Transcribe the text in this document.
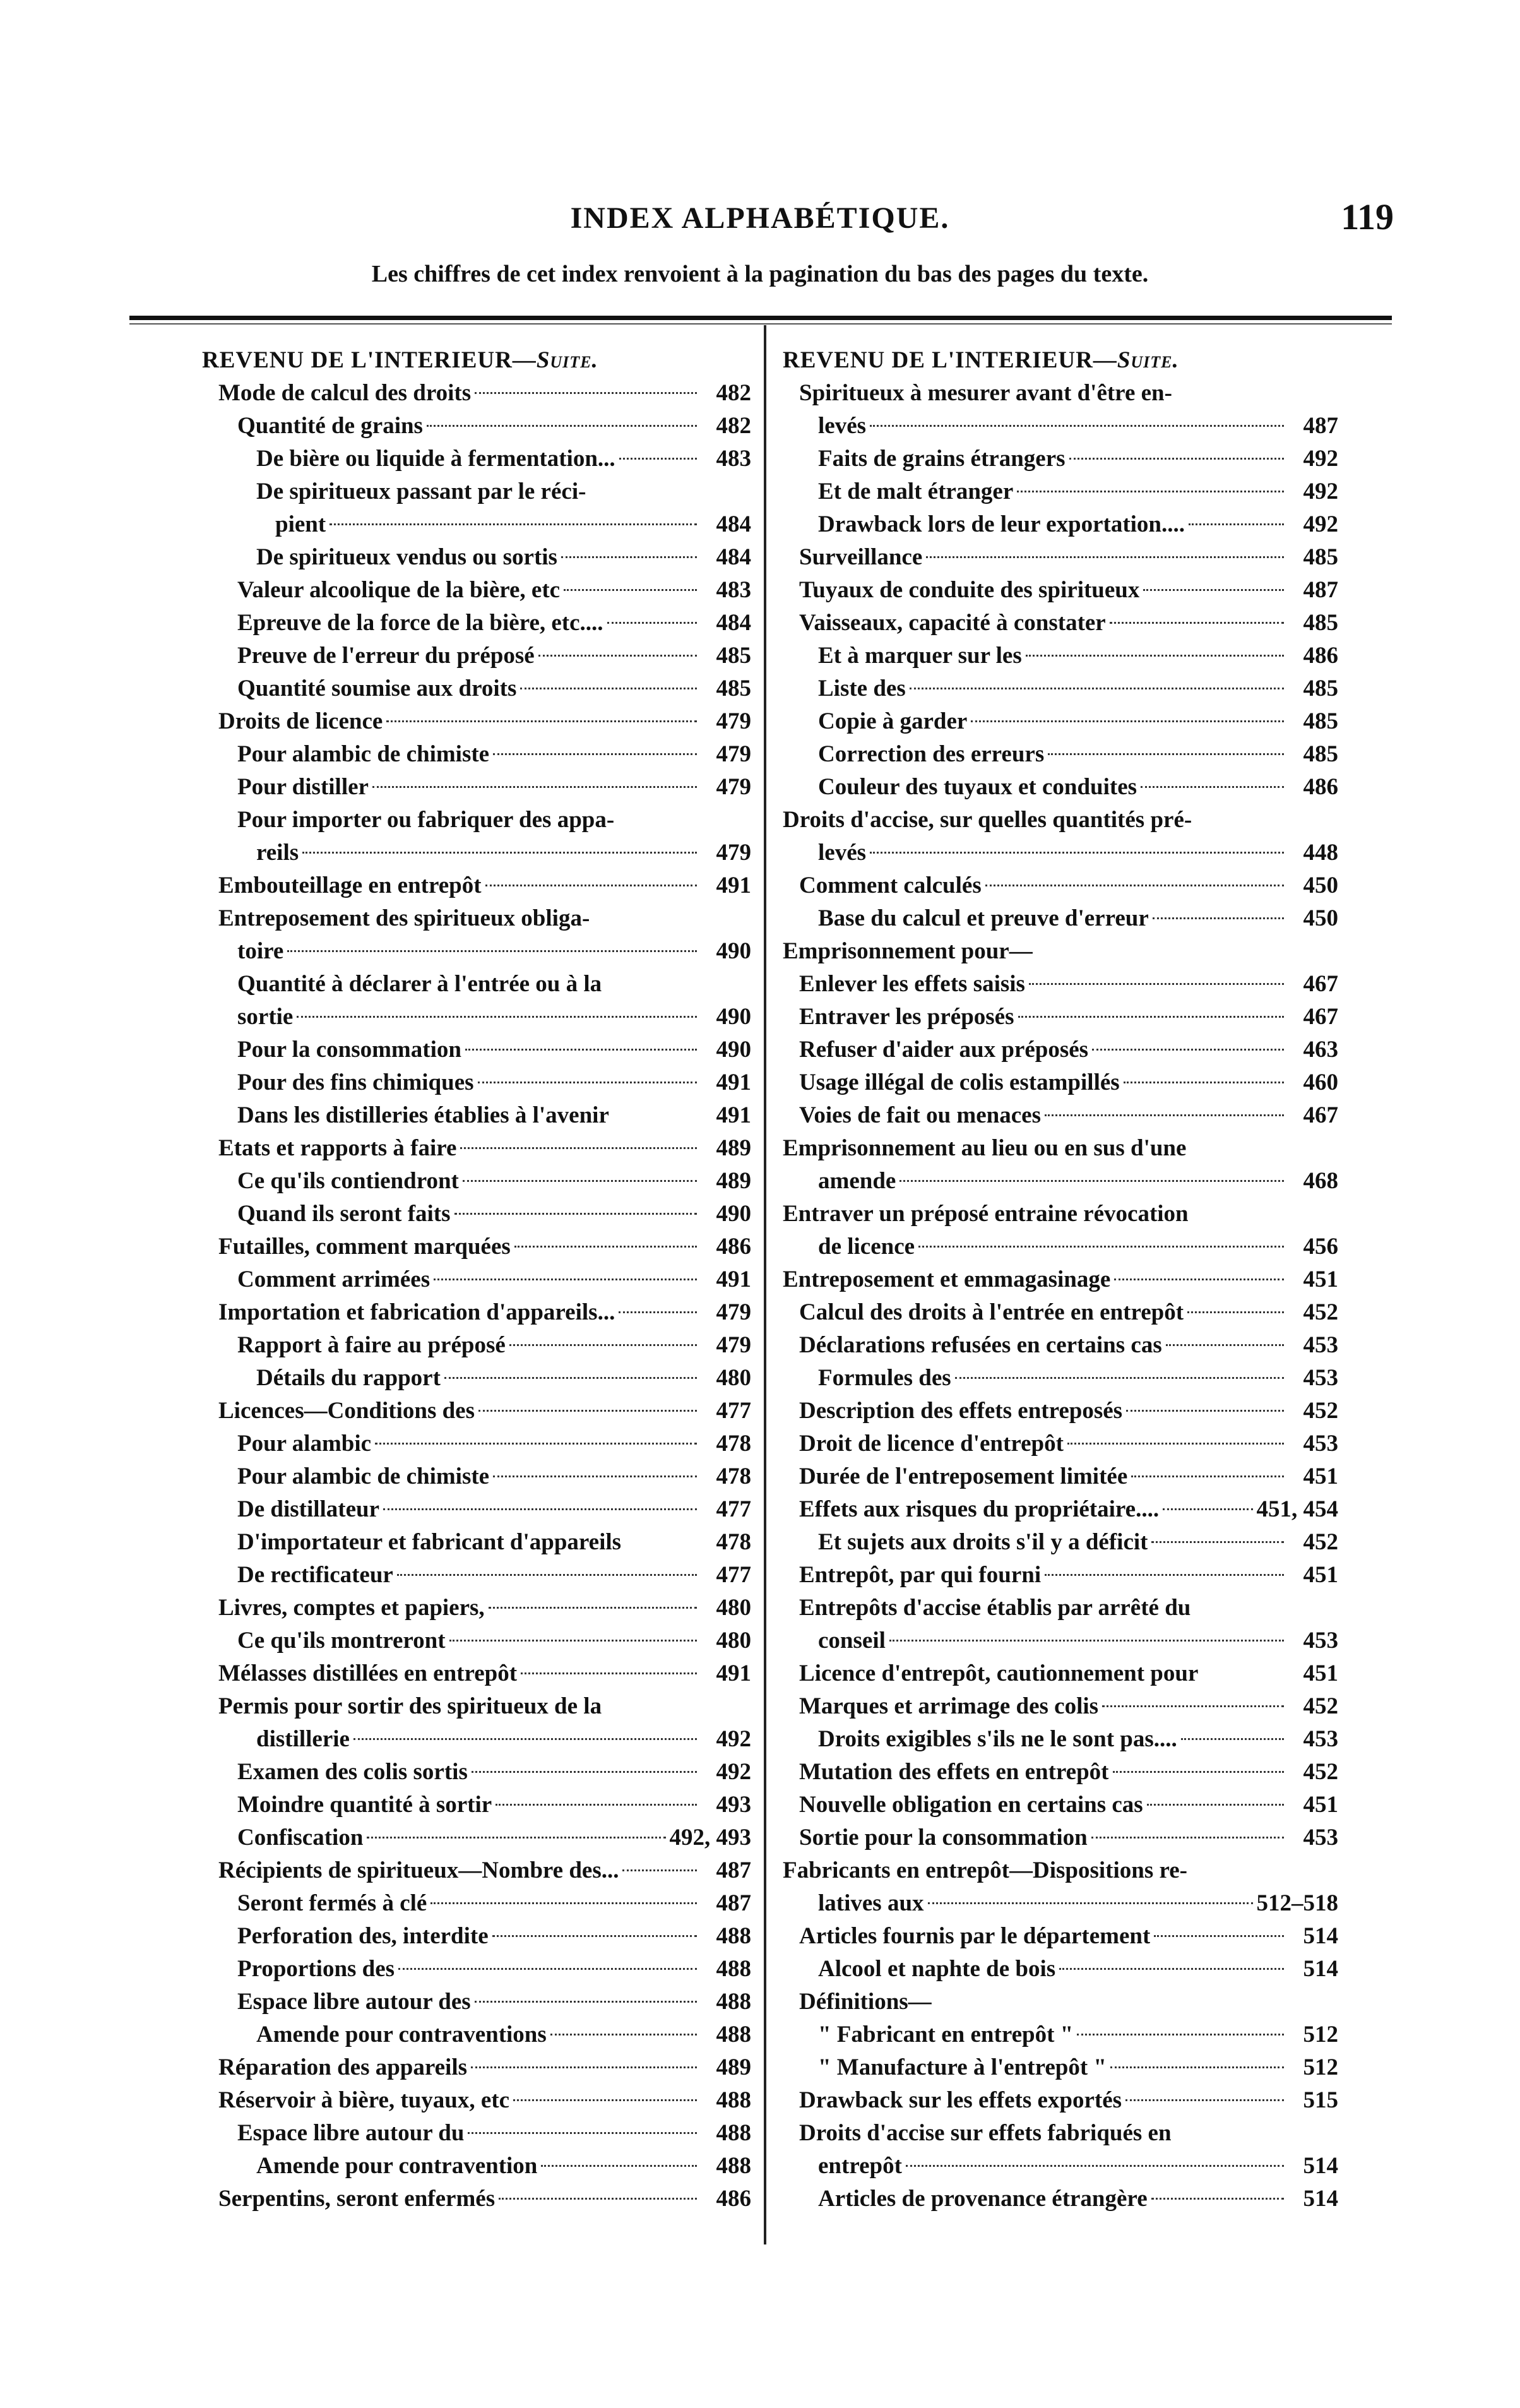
INDEX ALPHABÉTIQUE.	119
Les chiffres de cet index renvoient à la pagination du bas des pages du texte.
REVENU DE L'INTERIEUR—Suite.
Mode de calcul des droits	482
Quantité de grains	482
De bière ou liquide à fermentation...	483
De spiritueux passant par le réci-
pient	484
De spiritueux vendus ou sortis	484
Valeur alcoolique de la bière, etc	483
Epreuve de la force de la bière, etc....	484
Preuve de l'erreur du préposé	485
Quantité soumise aux droits	485
Droits de licence	479
Pour alambic de chimiste	479
Pour distiller	479
Pour importer ou fabriquer des appa-
reils	479
Embouteillage en entrepôt	491
Entreposement des spiritueux obliga-
toire	490
Quantité à déclarer à l'entrée ou à la
sortie	490
Pour la consommation	490
Pour des fins chimiques	491
Dans les distilleries établies à l'avenir	491
Etats et rapports à faire	489
Ce qu'ils contiendront	489
Quand ils seront faits	490
Futailles, comment marquées	486
Comment arrimées	491
Importation et fabrication d'appareils...	479
Rapport à faire au préposé	479
Détails du rapport	480
Licences—Conditions des	477
Pour alambic	478
Pour alambic de chimiste	478
De distillateur	477
D'importateur et fabricant d'appareils	478
De rectificateur	477
Livres, comptes et papiers,	480
Ce qu'ils montreront	480
Mélasses distillées en entrepôt	491
Permis pour sortir des spiritueux de la
distillerie	492
Examen des colis sortis	492
Moindre quantité à sortir	493
Confiscation	492, 493
Récipients de spiritueux—Nombre des...	487
Seront fermés à clé	487
Perforation des, interdite	488
Proportions des	488
Espace libre autour des	488
Amende pour contraventions	488
Réparation des appareils	489
Réservoir à bière, tuyaux, etc	488
Espace libre autour du	488
Amende pour contravention	488
Serpentins, seront enfermés	486
REVENU DE L'INTERIEUR—Suite.
Spiritueux à mesurer avant d'être en-
levés	487
Faits de grains étrangers	492
Et de malt étranger	492
Drawback lors de leur exportation....	492
Surveillance	485
Tuyaux de conduite des spiritueux	487
Vaisseaux, capacité à constater	485
Et à marquer sur les	486
Liste des	485
Copie à garder	485
Correction des erreurs	485
Couleur des tuyaux et conduites	486
Droits d'accise, sur quelles quantités pré-
levés	448
Comment calculés	450
Base du calcul et preuve d'erreur	450
Emprisonnement pour—
Enlever les effets saisis	467
Entraver les préposés	467
Refuser d'aider aux préposés	463
Usage illégal de colis estampillés	460
Voies de fait ou menaces	467
Emprisonnement au lieu ou en sus d'une
amende	468
Entraver un préposé entraine révocation
de licence	456
Entreposement et emmagasinage	451
Calcul des droits à l'entrée en entrepôt	452
Déclarations refusées en certains cas	453
Formules des	453
Description des effets entreposés	452
Droit de licence d'entrepôt	453
Durée de l'entreposement limitée	451
Effets aux risques du propriétaire....	451, 454
Et sujets aux droits s'il y a déficit	452
Entrepôt, par qui fourni	451
Entrepôts d'accise établis par arrêté du
conseil	453
Licence d'entrepôt, cautionnement pour	451
Marques et arrimage des colis	452
Droits exigibles s'ils ne le sont pas....	453
Mutation des effets en entrepôt	452
Nouvelle obligation en certains cas	451
Sortie pour la consommation	453
Fabricants en entrepôt—Dispositions re-
latives aux	512–518
Articles fournis par le département	514
Alcool et naphte de bois	514
Définitions—
" Fabricant en entrepôt "	512
" Manufacture à l'entrepôt "	512
Drawback sur les effets exportés	515
Droits d'accise sur effets fabriqués en
entrepôt	514
Articles de provenance étrangère	514
